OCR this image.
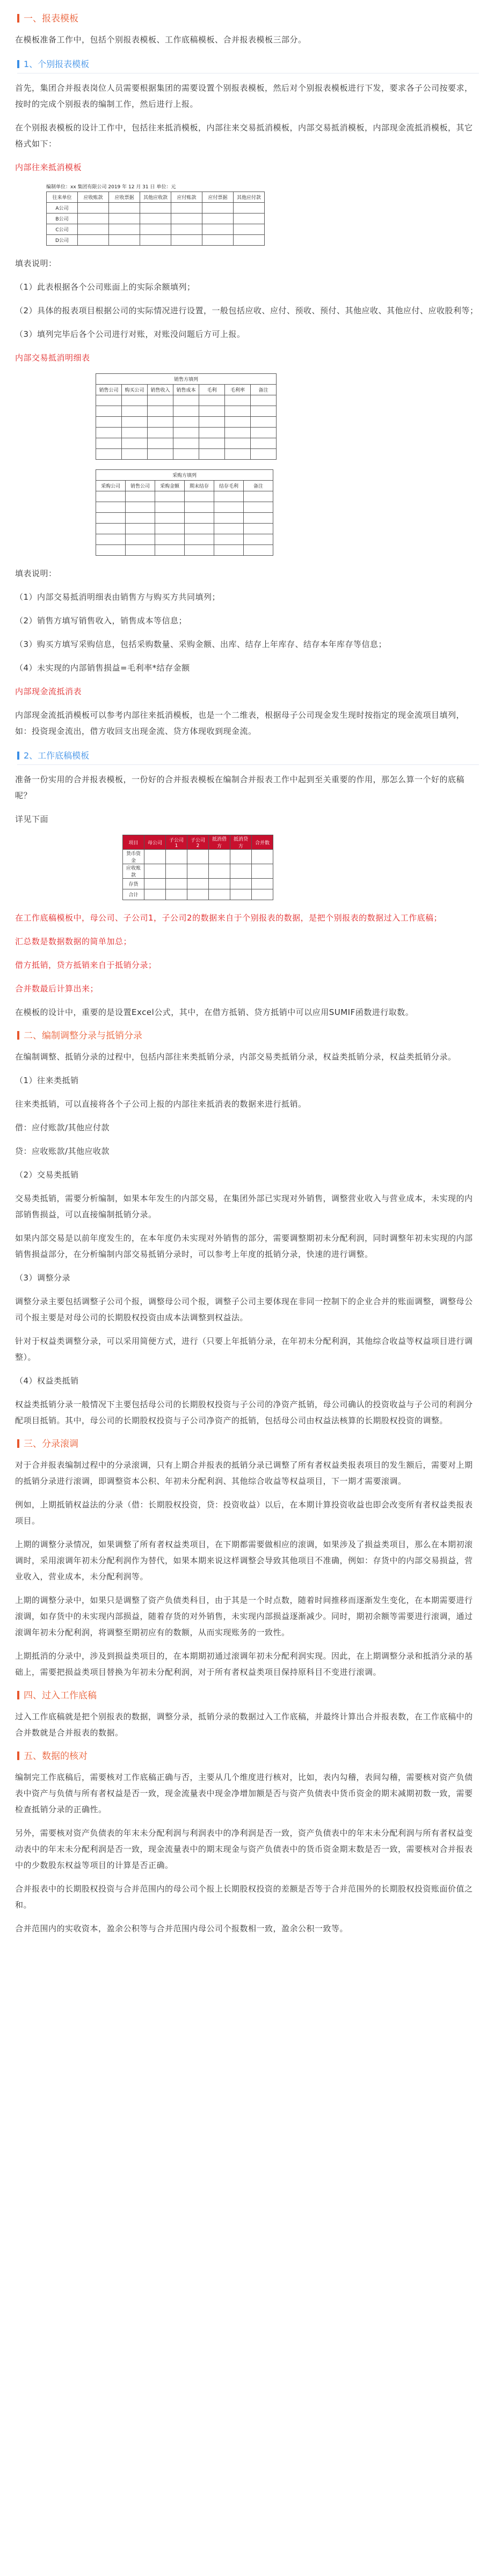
一、报表模板

在模板准备工作中，包括个别报表模板、工作底稿模板、合并报表模板三部分。

1、个别报表模板

首先，集团合并报表岗位人员需要根据集团的需要设置个别报表模板，然后对个别报表模板进行下发，要求各子公司按要求，按时的完成个别报表的编制工作，然后进行上报。

在个别报表模板的设计工作中，包括往来抵消模板，内部往来交易抵消模板，内部交易抵消模板，内部现金流抵消模板，其它格式如下：

内部往来抵消模板

编制单位：xx 集团有限公司 2019 年 12 月 31 日 单位：元
往来单位	应收账款	应收票据	其他应收款	应付账款	应付票据	其他应付款
A公司						
B公司						
C公司						
D公司						

填表说明：

（1）此表根据各个公司账面上的实际余额填列；

（2）具体的报表项目根据公司的实际情况进行设置，一般包括应收、应付、预收、预付、其他应收、其他应付、应收股利等；

（3）填列完毕后各个公司进行对账，对账没问题后方可上报。

内部交易抵消明细表

销售方填列						
销售公司	购买公司	销售收入	销售成本	毛利	毛利率	备注

采购方填列					
采购公司	销售公司	采购金额	期末结存	结存毛利	备注

填表说明：

（1）内部交易抵消明细表由销售方与购买方共同填列；

（2）销售方填写销售收入，销售成本等信息；

（3）购买方填写采购信息，包括采购数量、采购金额、出库、结存上年库存、结存本年库存等信息；

（4）未实现的内部销售损益=毛利率*结存金额

内部现金流抵消表

内部现金流抵消模板可以参考内部往来抵消模板，也是一个二维表，根据母子公司现金发生现时按指定的现金流项目填列，如：投资现金流出，借方收回支出现金流、贷方体现收到现金流。

2、工作底稿模板

准备一份实用的合并报表模板，一份好的合并报表模板在编制合并报表工作中起到至关重要的作用，那怎么算一个好的底稿呢？

详见下面

项目	母公司	子公司1	子公司2	抵消借方	抵消贷方	合并数
货币资金						
应收账款						
存货						
合计						

在工作底稿模板中，母公司、子公司1，子公司2的数据来自于个别报表的数据，是把个别报表的数据过入工作底稿；

汇总数是数据数据的简单加总；

借方抵销，贷方抵销来自于抵销分录；

合并数最后计算出来；

在模板的设计中，重要的是设置Excel公式，其中，在借方抵销、贷方抵销中可以应用SUMIF函数进行取数。

二、编制调整分录与抵销分录

在编制调整、抵销分录的过程中，包括内部往来类抵销分录，内部交易类抵销分录，权益类抵销分录，权益类抵销分录。

（1）往来类抵销

往来类抵销，可以直接将各个子公司上报的内部往来抵消表的数据来进行抵销。

借：应付账款/其他应付款

贷：应收账款/其他应收款

（2）交易类抵销

交易类抵销，需要分析编制，如果本年发生的内部交易，在集团外部已实现对外销售，调整营业收入与营业成本，未实现的内部销售损益，可以直接编制抵销分录。

如果内部交易是以前年度发生的，在本年度仍未实现对外销售的部分，需要调整期初未分配利润，同时调整年初未实现的内部销售损益部分，在分析编制内部交易抵销分录时，可以参考上年度的抵销分录，快速的进行调整。

（3）调整分录

调整分录主要包括调整子公司个报，调整母公司个报，调整子公司主要体现在非同一控制下的企业合并的账面调整，调整母公司个报主要是对母公司的长期股权投资由成本法调整到权益法。

针对于权益类调整分录，可以采用简便方式，进行（只要上年抵销分录，在年初未分配利润，其他综合收益等权益项目进行调整）。

（4）权益类抵销

权益类抵销分录一般情况下主要包括母公司的长期股权投资与子公司的净资产抵销，母公司确认的投资收益与子公司的利润分配项目抵销。其中，母公司的长期股权投资与子公司净资产的抵销，包括母公司由权益法核算的长期股权投资的调整。

三、分录滚调

对于合并报表编制过程中的分录滚调，只有上期合并报表的抵销分录已调整了所有者权益类报表项目的发生额后，需要对上期的抵销分录进行滚调，即调整资本公积、年初未分配利润、其他综合收益等权益项目，下一期才需要滚调。

例如，上期抵销权益法的分录（借：长期股权投资，贷：投资收益）以后，在本期计算投资收益也即会改变所有者权益类报表项目。

上期的调整分录情况，如果调整了所有者权益类项目，在下期都需要做相应的滚调，如果涉及了损益类项目，那么在本期初滚调时，采用滚调年初未分配利润作为替代，如果本期来说这样调整会导致其他项目不准确，例如：存货中的内部交易损益，营业收入，营业成本，未分配利润等。

上期的调整分录中，如果只是调整了资产负债类科目，由于其是一个时点数，随着时间推移而逐渐发生变化，在本期需要进行滚调，如存货中的未实现内部损益，随着存货的对外销售，未实现内部损益逐渐减少。同时，期初余额等需要进行滚调，通过滚调年初未分配利润，将调整至期初应有的数额，从而实现账务的一致性。

上期抵消的分录中，涉及到损益类项目的，在本期期初通过滚调年初未分配利润实现。因此，在上期调整分录和抵消分录的基础上，需要把损益类项目替换为年初未分配利润，对于所有者权益类项目保持原科目不变进行滚调。

四、过入工作底稿

过入工作底稿就是把个别报表的数据，调整分录，抵销分录的数据过入工作底稿，并最终计算出合并报表数，在工作底稿中的合并数就是合并报表的数据。

五、数据的核对

编制完工作底稿后，需要核对工作底稿正确与否，主要从几个维度进行核对，比如，表内勾稽，表间勾稽，需要核对资产负债表中资产与负债与所有者权益是否一致，现金流量表中现金净增加额是否与资产负债表中货币资金的期末减期初数一致，需要检查抵销分录的正确性。

另外，需要核对资产负债表的年末未分配利润与利润表中的净利润是否一致，资产负债表中的年末未分配利润与所有者权益变动表中的年末未分配利润是否一致，现金流量表中的期末现金与资产负债表中的货币资金期末数是否一致，需要核对合并报表中的少数股东权益等项目的计算是否正确。

合并报表中的长期股权投资与合并范围内的母公司个报上长期股权投资的差额是否等于合并范围外的长期股权投资账面价值之和。

合并范围内的实收资本，盈余公积等与合并范围内母公司个报数相一致，盈余公积一致等。
